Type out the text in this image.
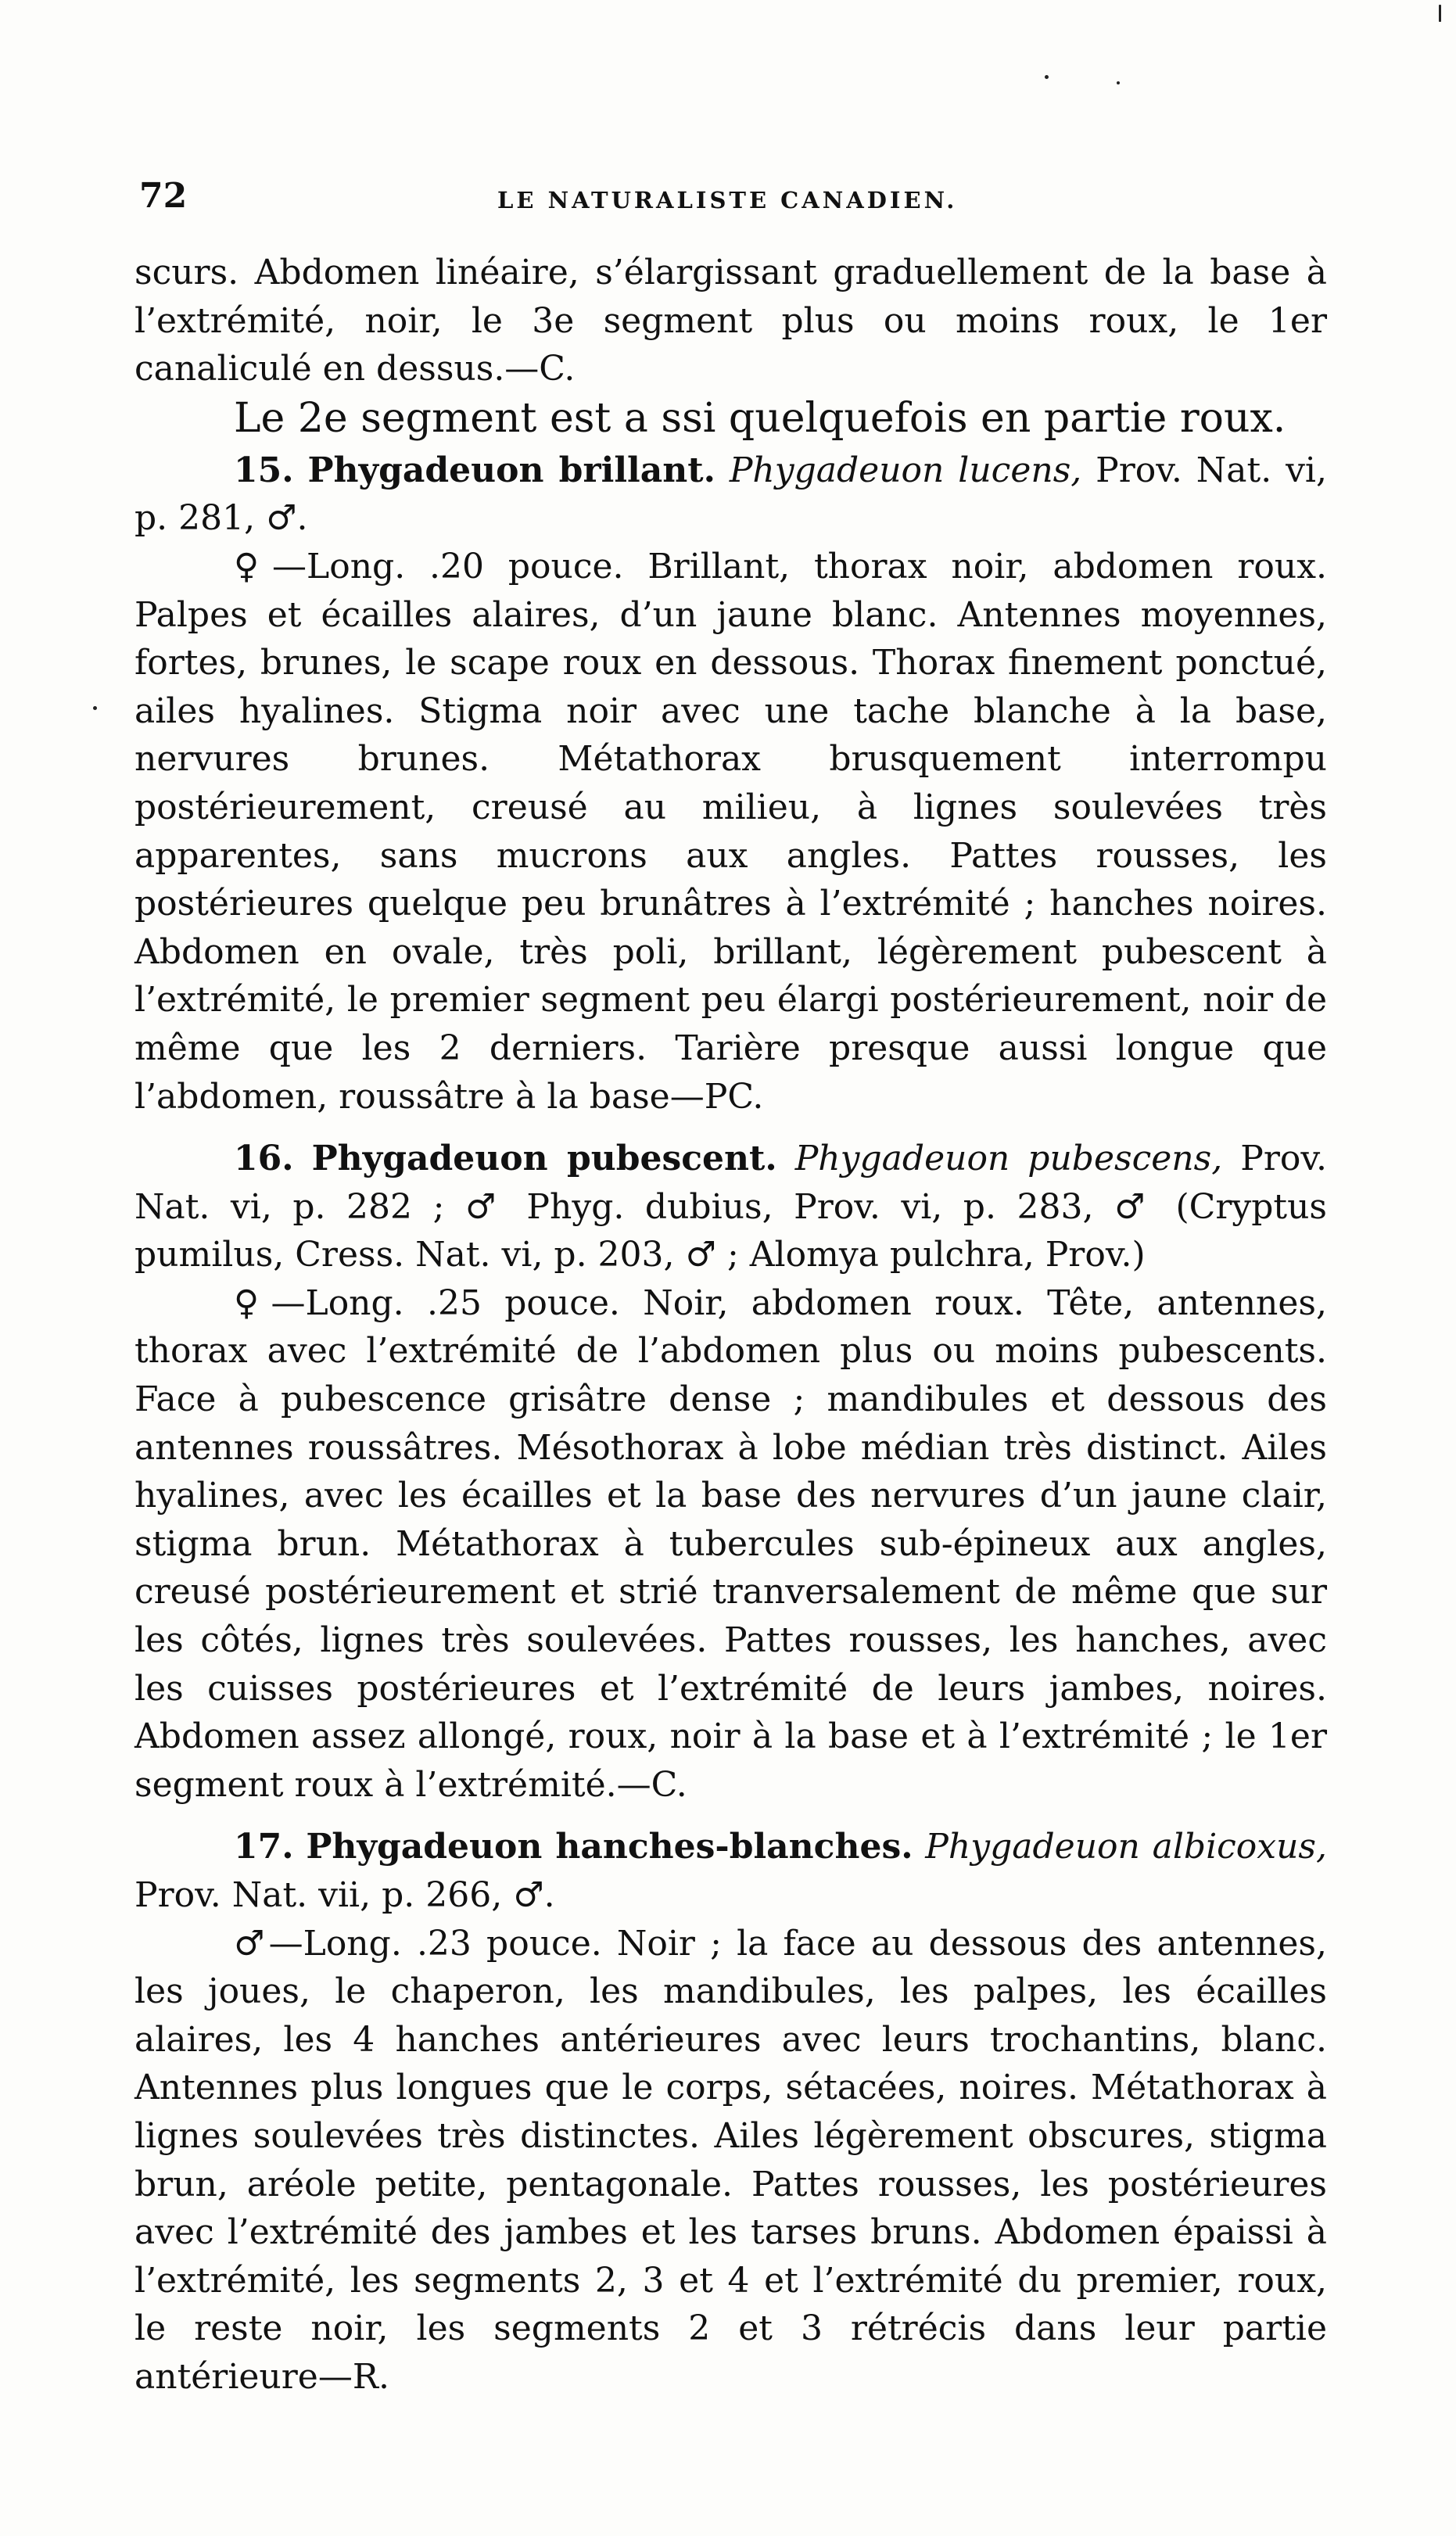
72	LE NATURALISTE CANADIEN.

scurs. Abdomen linéaire, s’élargissant graduellement de la base à l’extrémité, noir, le 3e segment plus ou moins roux, le 1er canaliculé en dessus.—C.

Le 2e segment est a ssi quelquefois en partie roux.

15. Phygadeuon brillant. Phygadeuon lucens, Prov. Nat. vi, p. 281, ♂.

♀—Long. .20 pouce. Brillant, thorax noir, abdomen roux. Palpes et écailles alaires, d’un jaune blanc. Antennes moyennes, fortes, brunes, le scape roux en dessous. Thorax finement ponctué, ailes hyalines. Stigma noir avec une tache blanche à la base, nervures brunes. Métathorax brusquement interrompu postérieurement, creusé au milieu, à lignes soulevées très apparentes, sans mucrons aux angles. Pattes rousses, les postérieures quelque peu brunâtres à l’extrémité ; hanches noires. Abdomen en ovale, très poli, brillant, légèrement pubescent à l’extrémité, le premier segment peu élargi postérieurement, noir de même que les 2 derniers. Tarière presque aussi longue que l’abdomen, roussâtre à la base—PC.

16. Phygadeuon pubescent. Phygadeuon pubescens, Prov. Nat. vi, p. 282 ; ♂ Phyg. dubius, Prov. vi, p. 283, ♂ (Cryptus pumilus, Cress. Nat. vi, p. 203, ♂ ; Alomya pulchra, Prov.)

♀—Long. .25 pouce. Noir, abdomen roux. Tête, antennes, thorax avec l’extrémité de l’abdomen plus ou moins pubescents. Face à pubescence grisâtre dense ; mandibules et dessous des antennes roussâtres. Mésothorax à lobe médian très distinct. Ailes hyalines, avec les écailles et la base des nervures d’un jaune clair, stigma brun. Métathorax à tubercules sub-épineux aux angles, creusé postérieurement et strié tranversalement de même que sur les côtés, lignes très soulevées. Pattes rousses, les hanches, avec les cuisses postérieures et l’extrémité de leurs jambes, noires. Abdomen assez allongé, roux, noir à la base et à l’extrémité ; le 1er segment roux à l’extrémité.—C.

17. Phygadeuon hanches-blanches. Phygadeuon albicoxus, Prov. Nat. vii, p. 266, ♂.

♂—Long. .23 pouce. Noir ; la face au dessous des antennes, les joues, le chaperon, les mandibules, les palpes, les écailles alaires, les 4 hanches antérieures avec leurs trochantins, blanc. Antennes plus longues que le corps, sétacées, noires. Métathorax à lignes soulevées très distinctes. Ailes légèrement obscures, stigma brun, aréole petite, pentagonale. Pattes rousses, les postérieures avec l’extrémité des jambes et les tarses bruns. Abdomen épaissi à l’extrémité, les segments 2, 3 et 4 et l’extrémité du premier, roux, le reste noir, les segments 2 et 3 rétrécis dans leur partie antérieure—R.
